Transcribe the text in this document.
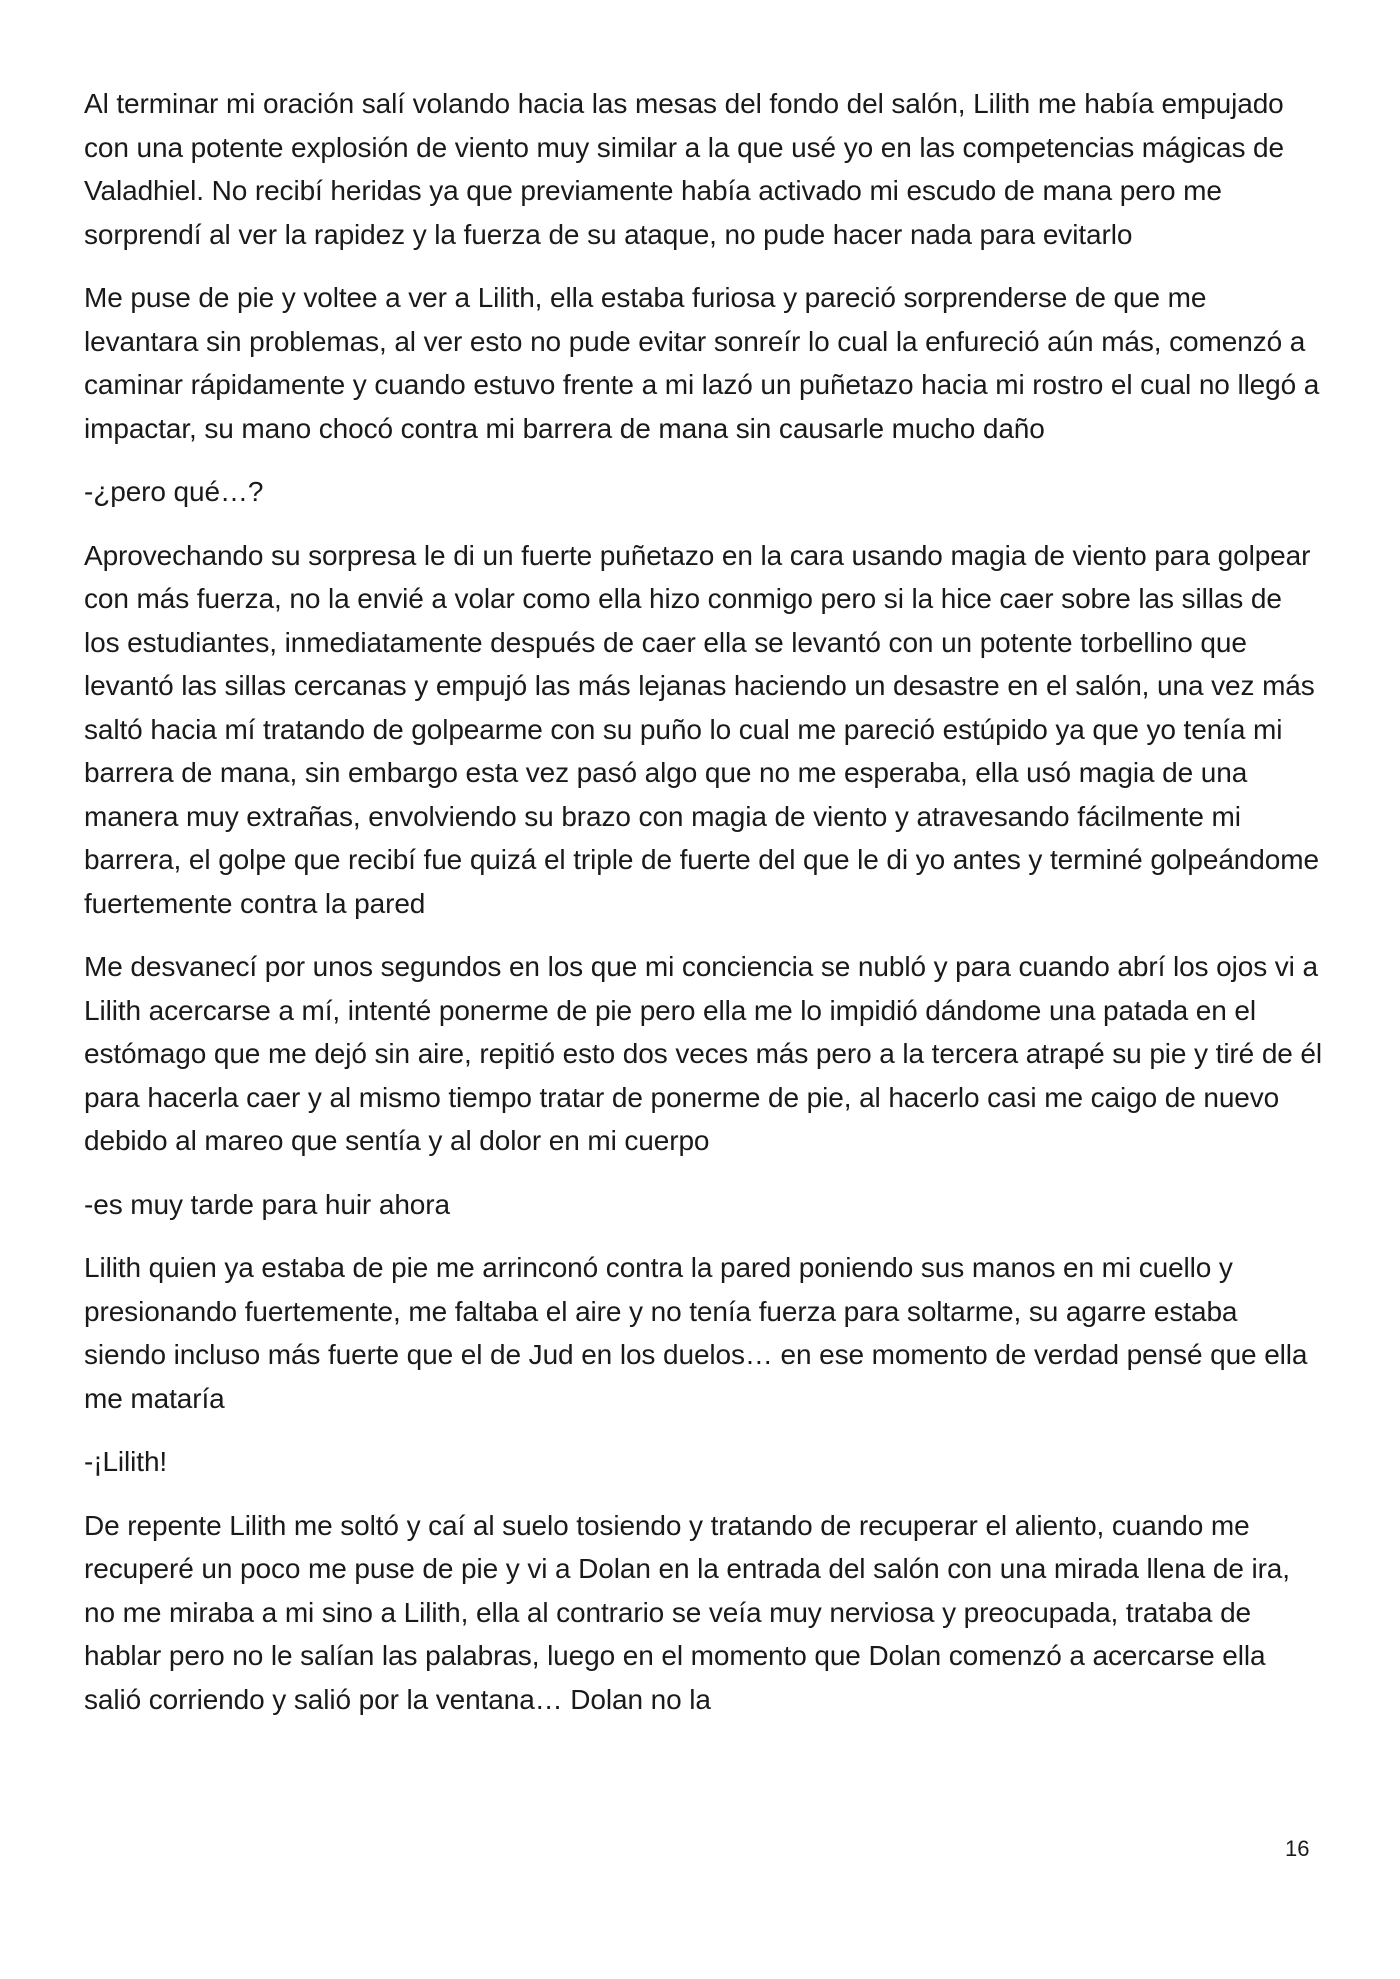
Al terminar mi oración salí volando hacia las mesas del fondo del salón, Lilith me había empujado con una potente explosión de viento muy similar a la que usé yo en las competencias mágicas de Valadhiel. No recibí heridas ya que previamente había activado mi escudo de mana pero me sorprendí al ver la rapidez y la fuerza de su ataque, no pude hacer nada para evitarlo

Me puse de pie y voltee a ver a Lilith, ella estaba furiosa y pareció sorprenderse de que me levantara sin problemas, al ver esto no pude evitar sonreír lo cual la enfureció aún más, comenzó a caminar rápidamente y cuando estuvo frente a mi lazó un puñetazo hacia mi rostro el cual no llegó a impactar, su mano chocó contra mi barrera de mana sin causarle mucho daño

-¿pero qué…?

Aprovechando su sorpresa le di un fuerte puñetazo en la cara usando magia de viento para golpear con más fuerza, no la envié a volar como ella hizo conmigo pero si la hice caer sobre las sillas de los estudiantes, inmediatamente después de caer ella se levantó con un potente torbellino que levantó las sillas cercanas y empujó las más lejanas haciendo un desastre en el salón, una vez más saltó hacia mí tratando de golpearme con su puño lo cual me pareció estúpido ya que yo tenía mi barrera de mana, sin embargo esta vez pasó algo que no me esperaba, ella usó magia de una manera muy extrañas, envolviendo su brazo con magia de viento y atravesando fácilmente mi barrera, el golpe que recibí fue quizá el triple de fuerte del que le di yo antes y terminé golpeándome fuertemente contra la pared

Me desvanecí por unos segundos en los que mi conciencia se nubló y para cuando abrí los ojos vi a Lilith acercarse a mí, intenté ponerme de pie pero ella me lo impidió dándome una patada en el estómago que me dejó sin aire, repitió esto dos veces más pero a la tercera atrapé su pie y tiré de él para hacerla caer y al mismo tiempo tratar de ponerme de pie, al hacerlo casi me caigo de nuevo debido al mareo que sentía y al dolor en mi cuerpo

-es muy tarde para huir ahora

Lilith quien ya estaba de pie me arrinconó contra la pared poniendo sus manos en mi cuello y presionando fuertemente, me faltaba el aire y no tenía fuerza para soltarme, su agarre estaba siendo incluso más fuerte que el de Jud en los duelos… en ese momento de verdad pensé que ella me mataría

-¡Lilith!

De repente Lilith me soltó y caí al suelo tosiendo y tratando de recuperar el aliento, cuando me recuperé un poco me puse de pie y vi a Dolan en la entrada del salón con una mirada llena de ira, no me miraba a mi sino a Lilith, ella al contrario se veía muy nerviosa y preocupada, trataba de hablar pero no le salían las palabras, luego en el momento que Dolan comenzó a acercarse ella salió corriendo y salió por la ventana… Dolan no la

16
